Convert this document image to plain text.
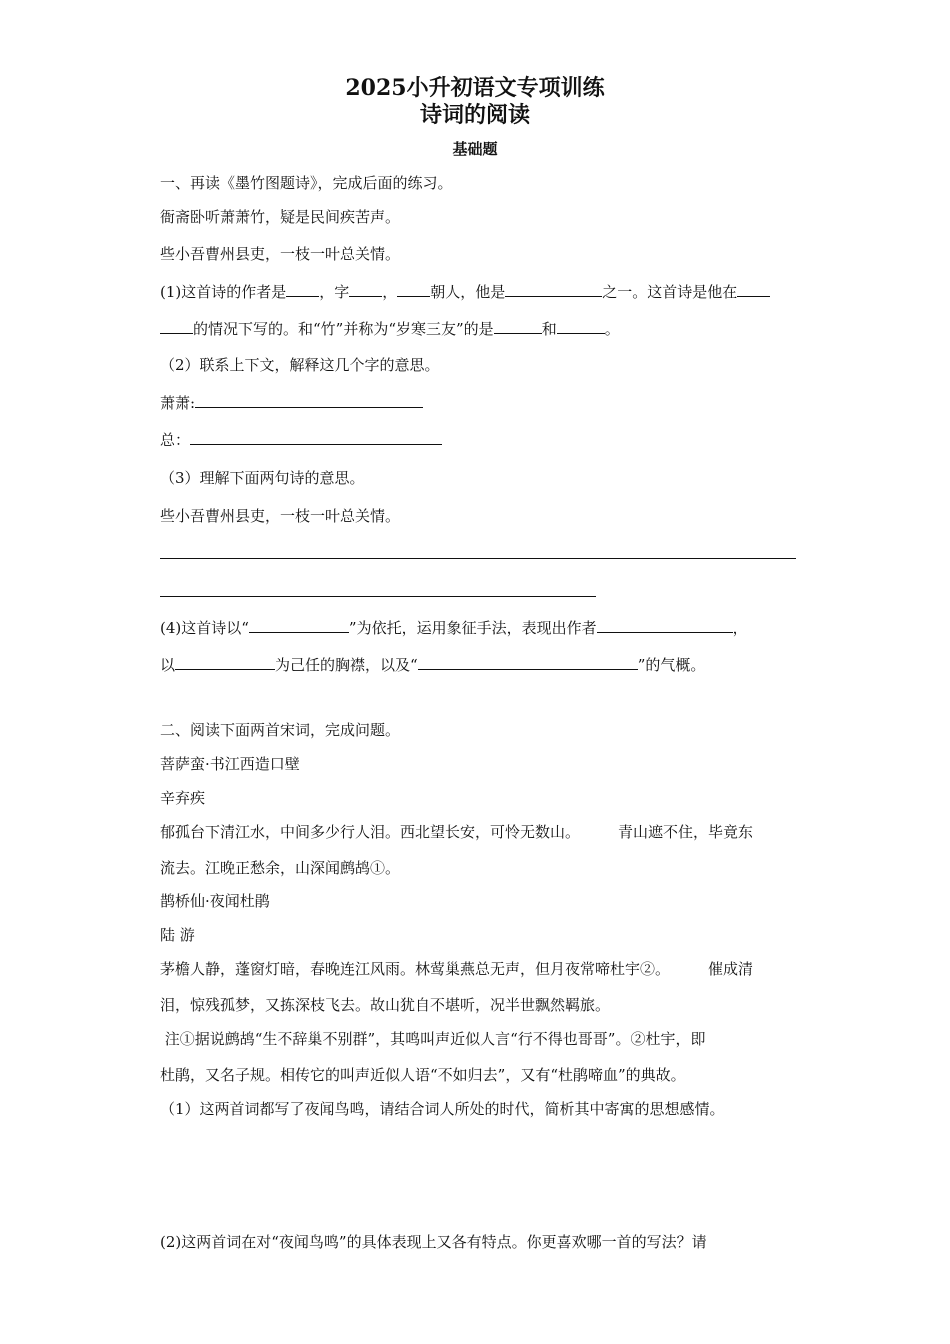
2025小升初语文专项训练
诗词的阅读
基础题
一、再读《墨竹图题诗》，完成后面的练习。
衙斋卧听萧萧竹，疑是民间疾苦声。
些小吾曹州县吏，一枝一叶总关情。
(1)这首诗的作者是 ，字 ， 朝人，他是	之一。这首诗是他在
的情况下写的。和“竹”并称为“岁寒三友”的是	和	。
（2）联系上下文，解释这几个字的意思。
萧萧:
总：
（3）理解下面两句诗的意思。
些小吾曹州县吏，一枝一叶总关情。
(4)这首诗以“	”为依托，运用象征手法，表现出作者	，
以	为己任的胸襟，以及“	”的气概。
二、阅读下面两首宋词，完成问题。
菩萨蛮·书江西造口壁
辛弃疾
郁孤台下清江水，中间多少行人泪。西北望长安，可怜无数山。	青山遮不住，毕竟东
流去。江晚正愁余，山深闻鹧鸪①。
鹊桥仙·夜闻杜鹃
陆 游
茅檐人静，蓬窗灯暗，春晚连江风雨。林莺巢燕总无声，但月夜常啼杜宇②。	催成清
泪，惊残孤梦，又拣深枝飞去。故山犹自不堪听，况半世飘然羁旅。
注①据说鹧鸪“生不辞巢不别群”，其鸣叫声近似人言“行不得也哥哥”。②杜宇，即
杜鹃，又名子规。相传它的叫声近似人语“不如归去”，又有“杜鹃啼血”的典故。
（1）这两首词都写了夜闻鸟鸣，请结合词人所处的时代，简析其中寄寓的思想感情。
(2)这两首词在对“夜闻鸟鸣”的具体表现上又各有特点。你更喜欢哪一首的写法？请
